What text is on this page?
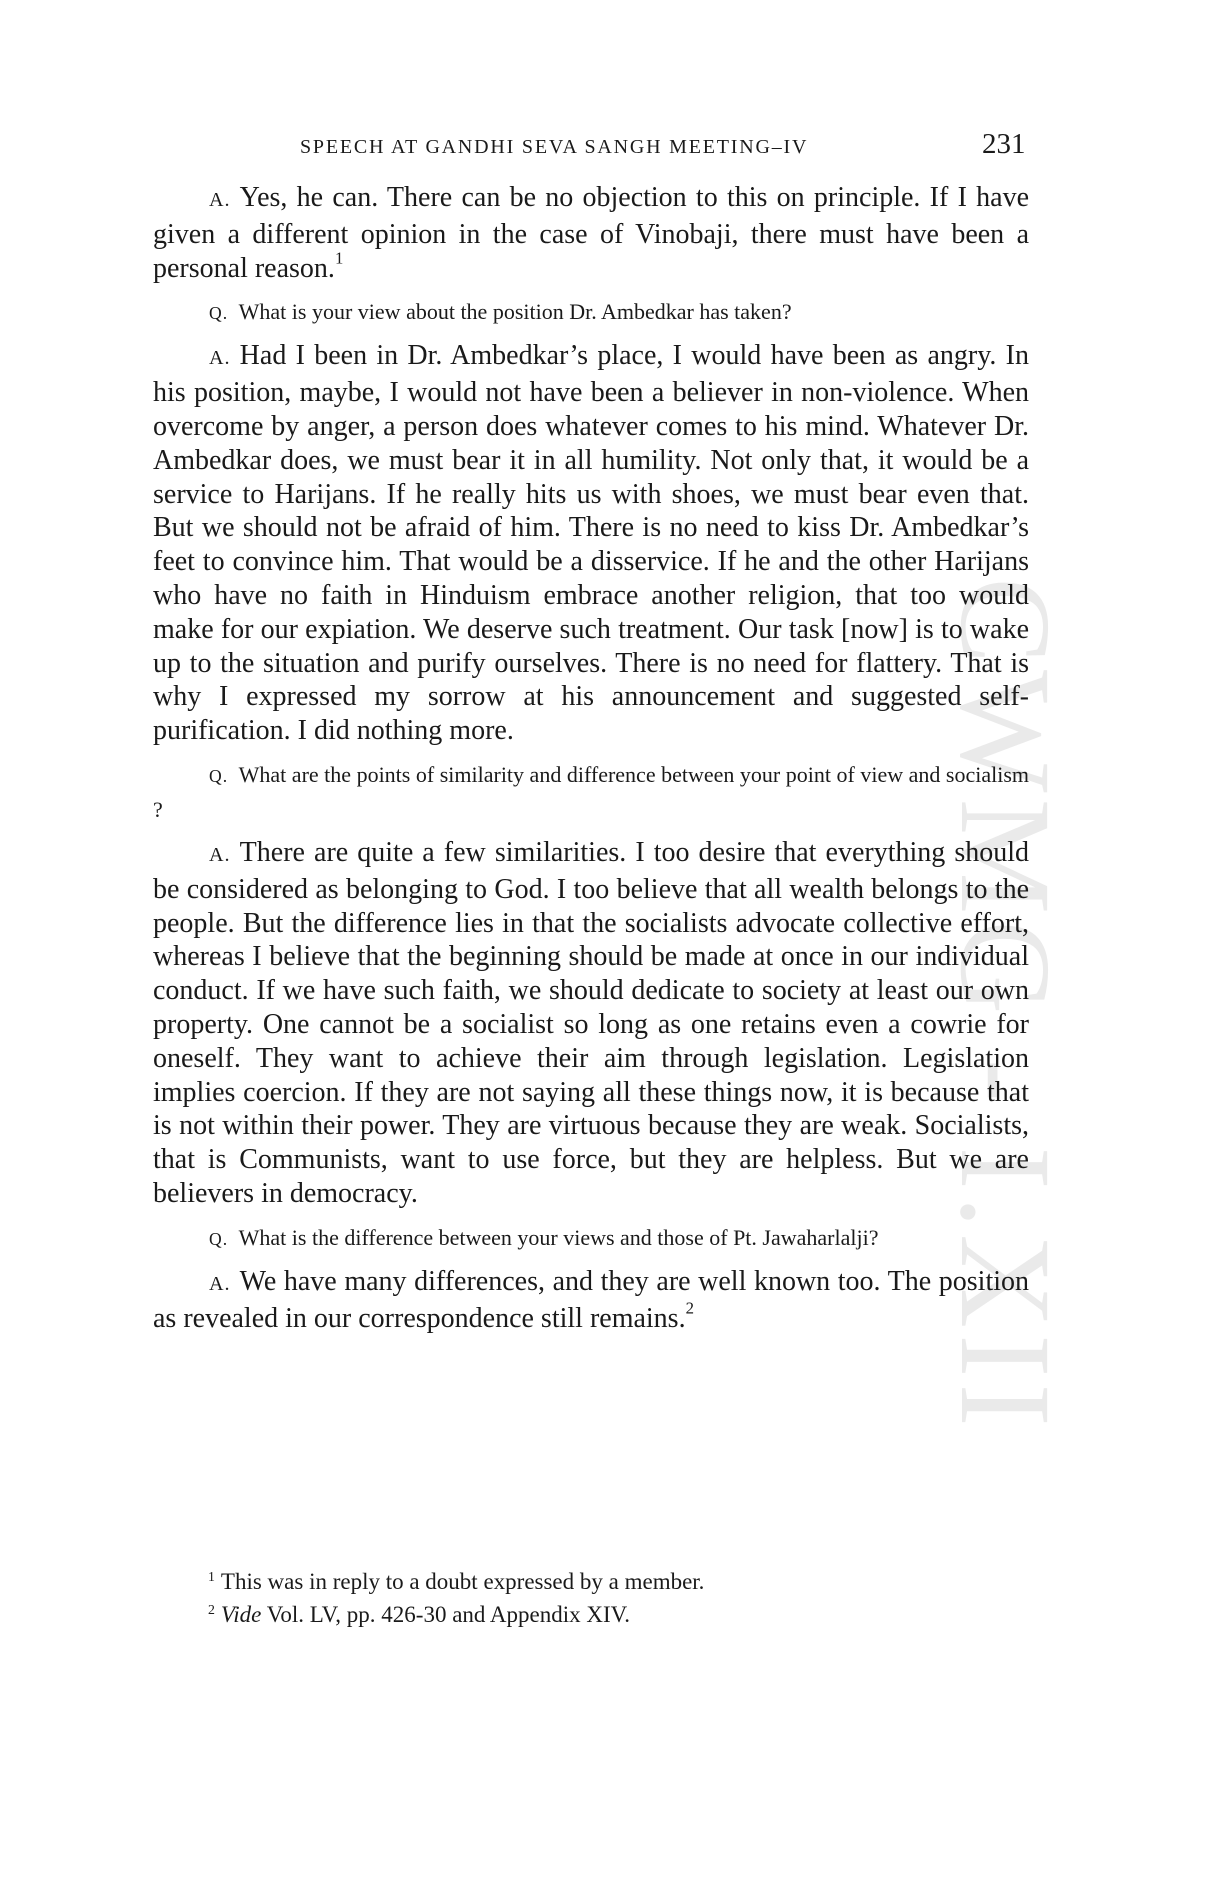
SPEECH AT GANDHI SEVA SANGH MEETING–IV	231
CWMG - I.XII

A. Yes, he can. There can be no objection to this on principle. If I have given a different opinion in the case of Vinobaji, there must have been a personal reason.$^1$

Q. What is your view about the position Dr. Ambedkar has taken?

A. Had I been in Dr. Ambedkar’s place, I would have been as angry. In his position, maybe, I would not have been a believer in non-violence. When overcome by anger, a person does whatever comes to his mind. Whatever Dr. Ambedkar does, we must bear it in all humility. Not only that, it would be a service to Harijans. If he really hits us with shoes, we must bear even that. But we should not be afraid of him. There is no need to kiss Dr. Ambedkar’s feet to convince him. That would be a disservice. If he and the other Harijans who have no faith in Hinduism embrace another religion, that too would make for our expiation. We deserve such treatment. Our task [now] is to wake up to the situation and purify ourselves. There is no need for flattery. That is why I expressed my sorrow at his announcement and suggested self-purification. I did nothing more.

Q. What are the points of similarity and difference between your point of view and socialism ?

A. There are quite a few similarities. I too desire that everything should be considered as belonging to God. I too believe that all wealth belongs to the people. But the difference lies in that the socialists advocate collective effort, whereas I believe that the beginning should be made at once in our individual conduct. If we have such faith, we should dedicate to society at least our own property. One cannot be a socialist so long as one retains even a cowrie for oneself. They want to achieve their aim through legislation. Legislation implies coercion. If they are not saying all these things now, it is because that is not within their power. They are virtuous because they are weak. Socialists, that is Communists, want to use force, but they are helpless. But we are believers in democracy.

Q. What is the difference between your views and those of Pt. Jawaharlalji?

A. We have many differences, and they are well known too. The position as revealed in our correspondence still remains.$^2$

$^1$ This was in reply to a doubt expressed by a member.
$^2$ Vide Vol. LV, pp. 426-30 and Appendix XIV.
